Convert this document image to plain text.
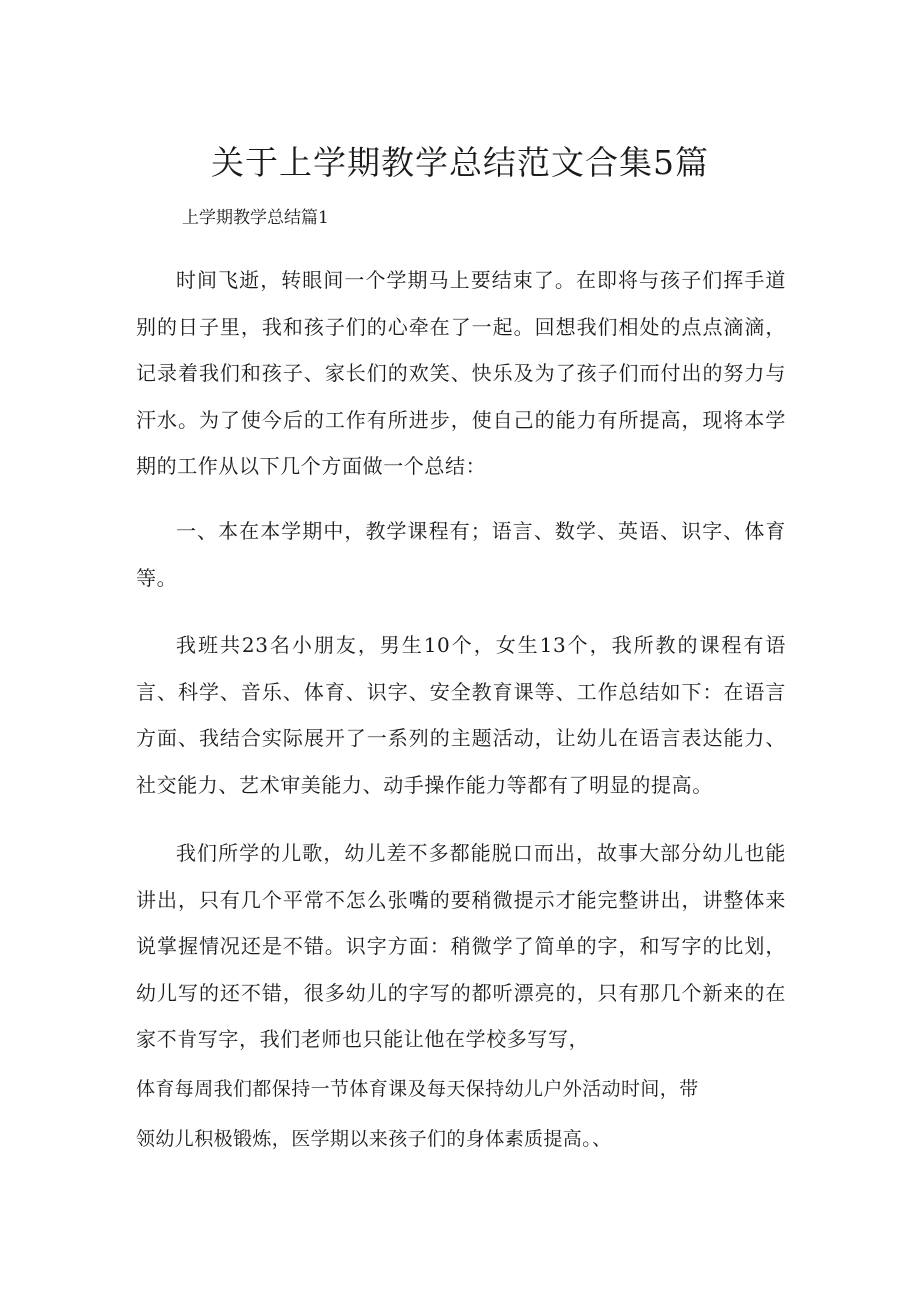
关于上学期教学总结范文合集5篇

上学期教学总结篇1

时间飞逝，转眼间一个学期马上要结束了。在即将与孩子们挥手道别的日子里，我和孩子们的心牵在了一起。回想我们相处的点点滴滴，记录着我们和孩子、家长们的欢笑、快乐及为了孩子们而付出的努力与汗水。为了使今后的工作有所进步，使自己的能力有所提高，现将本学期的工作从以下几个方面做一个总结：

一、本在本学期中，教学课程有；语言、数学、英语、识字、体育等。

我班共23名小朋友，男生10个，女生13个，我所教的课程有语言、科学、音乐、体育、识字、安全教育课等、工作总结如下：在语言方面、我结合实际展开了一系列的主题活动，让幼儿在语言表达能力、社交能力、艺术审美能力、动手操作能力等都有了明显的提高。

我们所学的儿歌，幼儿差不多都能脱口而出，故事大部分幼儿也能讲出，只有几个平常不怎么张嘴的要稍微提示才能完整讲出，讲整体来说掌握情况还是不错。识字方面：稍微学了简单的字，和写字的比划，幼儿写的还不错，很多幼儿的字写的都听漂亮的，只有那几个新来的在家不肯写字，我们老师也只能让他在学校多写写，

体育每周我们都保持一节体育课及每天保持幼儿户外活动时间，带

领幼儿积极锻炼，医学期以来孩子们的身体素质提高。、
